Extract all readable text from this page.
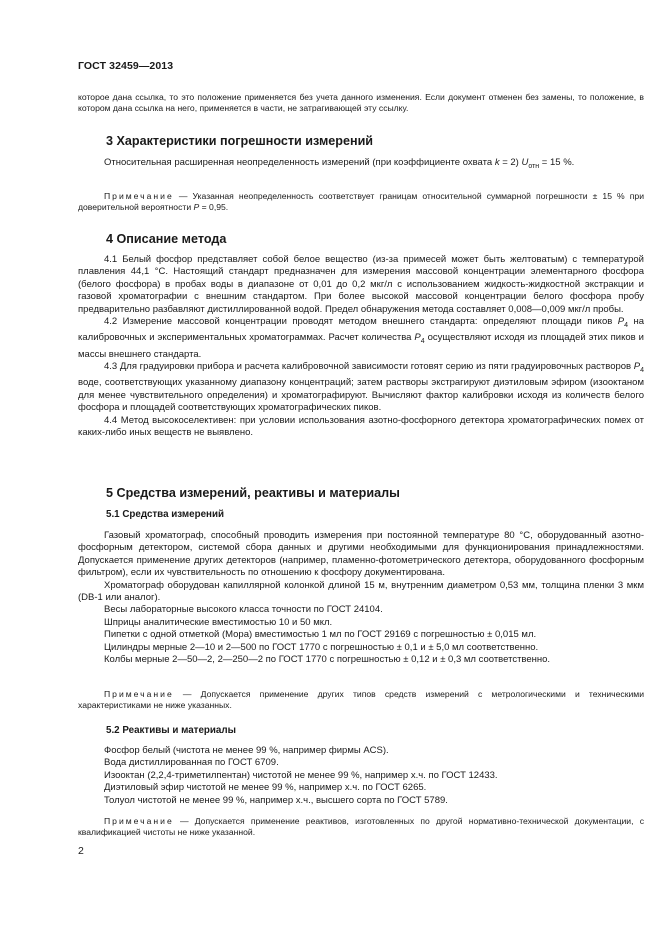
ГОСТ 32459—2013
которое дана ссылка, то это положение применяется без учета данного изменения. Если документ отменен без замены, то положение, в котором дана ссылка на него, применяется в части, не затрагивающей эту ссылку.
3 Характеристики погрешности измерений

Относительная расширенная неопределенность измерений (при коэффициенте охвата k = 2) $U_{отн} = 15$ %.

Примечание — Указанная неопределенность соответствует границам относительной суммарной погрешности ± 15 % при доверительной вероятности P = 0,95.

4 Описание метода

4.1 Белый фосфор представляет собой белое вещество (из-за примесей может быть желтоватым) с температурой плавления 44,1 °С. Настоящий стандарт предназначен для измерения массовой концентрации элементарного фосфора (белого фосфора) в пробах воды в диапазоне от 0,01 до 0,2 мкг/л с использованием жидкость-жидкостной экстракции и газовой хроматографии с внешним стандартом. При более высокой массовой концентрации белого фосфора пробу предварительно разбавляют дистиллированной водой. Предел обнаружения метода составляет 0,008—0,009 мкг/л пробы.

4.2 Измерение массовой концентрации проводят методом внешнего стандарта: определяют площади пиков $P_4$ на калибровочных и экспериментальных хроматограммах. Расчет количества $P_4$ осуществляют исходя из площадей этих пиков и массы внешнего стандарта.

4.3 Для градуировки прибора и расчета калибровочной зависимости готовят серию из пяти градуировочных растворов $P_4$ воде, соответствующих указанному диапазону концентраций; затем растворы экстрагируют диэтиловым эфиром (изооктаном для менее чувствительного определения) и хроматографируют. Вычисляют фактор калибровки исходя из количеств белого фосфора и площадей соответствующих хроматографических пиков.

4.4 Метод высокоселективен: при условии использования азотно-фосфорного детектора хроматографических помех от каких-либо иных веществ не выявлено.

5 Средства измерений, реактивы и материалы
5.1 Средства измерений

Газовый хроматограф, способный проводить измерения при постоянной температуре 80 °С, оборудованный азотно-фосфорным детектором, системой сбора данных и другими необходимыми для функционирования принадлежностями. Допускается применение других детекторов (например, пламенно-фотометрического детектора, оборудованного фосфорным фильтром), если их чувствительность по отношению к фосфору документирована.

Хроматограф оборудован капиллярной колонкой длиной 15 м, внутренним диаметром 0,53 мм, толщина пленки 3 мкм (DB-1 или аналог).

Весы лабораторные высокого класса точности по ГОСТ 24104.

Шприцы аналитические вместимостью 10 и 50 мкл.

Пипетки с одной отметкой (Мора) вместимостью 1 мл по ГОСТ 29169 с погрешностью ± 0,015 мл.

Цилиндры мерные 2—10 и 2—500 по ГОСТ 1770 с погрешностью ± 0,1 и ± 5,0 мл соответственно.

Колбы мерные 2—50—2, 2—250—2 по ГОСТ 1770 с погрешностью ± 0,12 и ± 0,3 мл соответственно.

Примечание — Допускается применение других типов средств измерений с метрологическими и техническими характеристиками не ниже указанных.

5.2 Реактивы и материалы

Фосфор белый (чистота не менее 99 %, например фирмы ACS).

Вода дистиллированная по ГОСТ 6709.

Изооктан (2,2,4-триметилпентан) чистотой не менее 99 %, например х.ч. по ГОСТ 12433.

Диэтиловый эфир чистотой не менее 99 %, например х.ч. по ГОСТ 6265.

Толуол чистотой не менее 99 %, например х.ч., высшего сорта по ГОСТ 5789.

Примечание — Допускается применение реактивов, изготовленных по другой нормативно-технической документации, с квалификацией чистоты не ниже указанной.

2
